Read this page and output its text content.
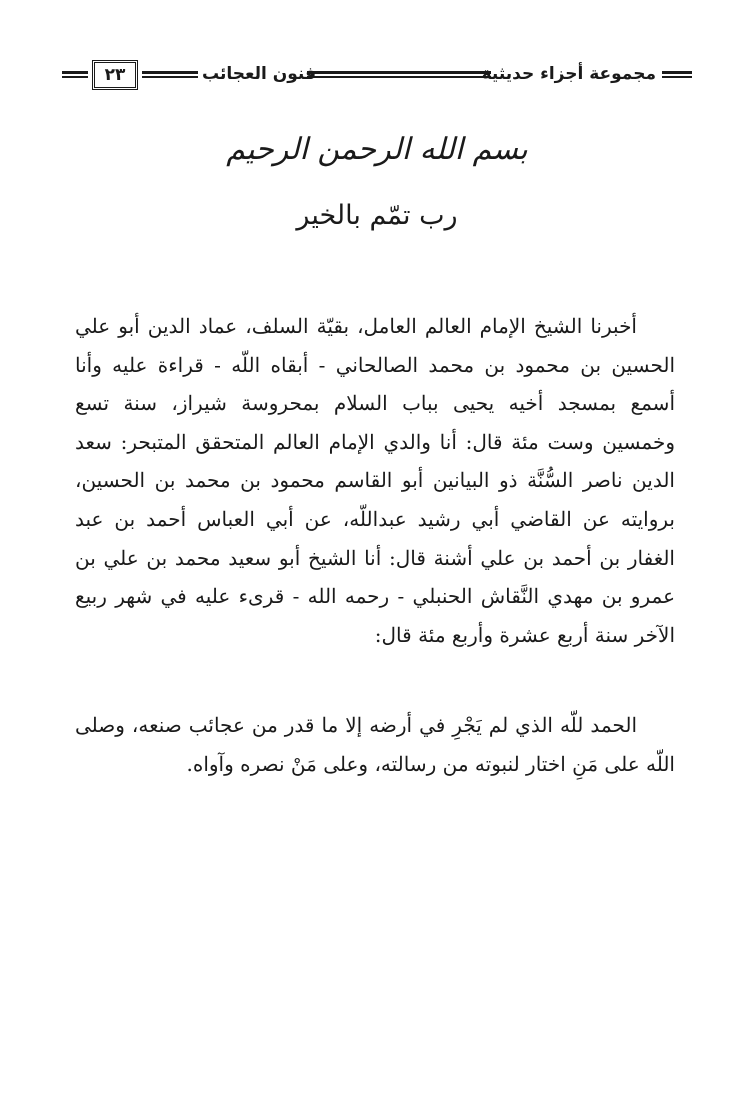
مجموعة أجزاء حديثية
فنون العجائب
٢٣
بسم الله الرحمن الرحيم
رب تمّم بالخير

أخبرنا الشيخ الإمام العالم العامل، بقيّة السلف، عماد الدين أبو علي الحسين بن محمود بن محمد الصالحاني - أبقاه اللّه - قراءة عليه وأنا أسمع بمسجد أخيه يحيى بباب السلام بمحروسة شيراز، سنة تسع وخمسين وست مئة قال: أنا والدي الإمام العالم المتحقق المتبحر: سعد الدين ناصر السُّنَّة ذو البيانين أبو القاسم محمود بن محمد بن الحسين، بروايته عن القاضي أبي رشيد عبداللّه، عن أبي العباس أحمد بن عبد الغفار بن أحمد بن علي أشنة قال: أنا الشيخ أبو سعيد محمد بن علي بن عمرو بن مهدي النَّقاش الحنبلي - رحمه الله - قرىء عليه في شهر ربيع الآخر سنة أربع عشرة وأربع مئة قال:

الحمد للّه الذي لم يَجْرِ في أرضه إلا ما قدر من عجائب صنعه، وصلى اللّه على مَنِ اختار لنبوته من رسالته، وعلى مَنْ نصره وآواه.
